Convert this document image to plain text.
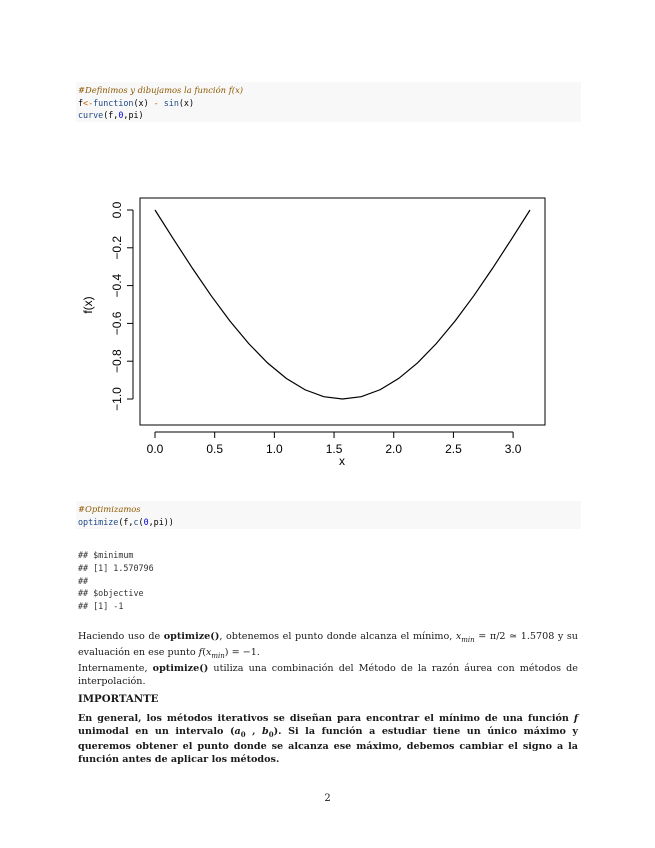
#Definimos y dibujamos la función f(x)
f<-function(x) - sin(x)
curve(f,0,pi)
0.0	0.5	1.0	1.5	2.0	2.5	3.0
0.0
−0.2
−0.4
−0.6
−0.8
−1.0
x
f(x)
#Optimizamos
optimize(f,c(0,pi))
## $minimum
## [1] 1.570796
##
## $objective
## [1] -1
Haciendo uso de optimize(), obtenemos el punto donde alcanza el mínimo, $x_{min} = \pi/2$ ≃ 1.5708 y su evaluación en ese punto $f(x_{min}) = -1$.
Internamente, optimize() utiliza una combinación del Método de la razón áurea con métodos de interpolación.
IMPORTANTE
En general, los métodos iterativos se diseñan para encontrar el mínimo de una función f unimodal en un intervalo ($a_0$ , $b_0$). Si la función a estudiar tiene un único máximo y queremos obtener el punto donde se alcanza ese máximo, debemos cambiar el signo a la función antes de aplicar los métodos.
2
